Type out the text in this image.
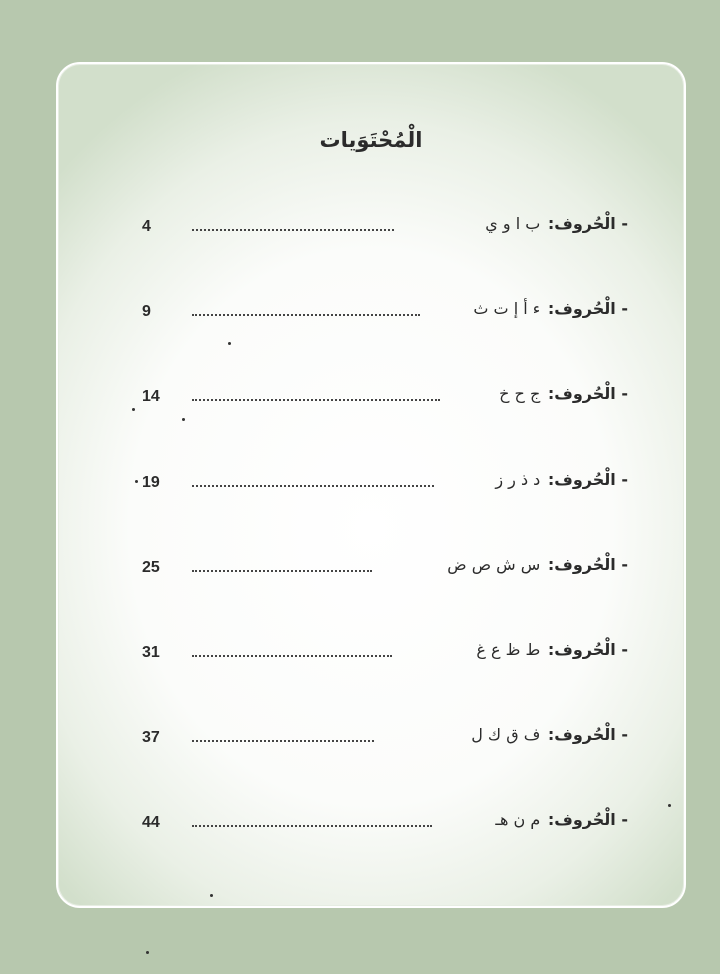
الْمُحْتَوَيات
4	- الْحُروف: ب ا و ي
9	- الْحُروف: ء أ إ ت ث
14	- الْحُروف: ج ح خ
19	- الْحُروف: د ذ ر ز
25	- الْحُروف: س ش ص ض
31	- الْحُروف: ط ظ ع غ
37	- الْحُروف: ف ق ك ل
44	- الْحُروف: م ن هـ
